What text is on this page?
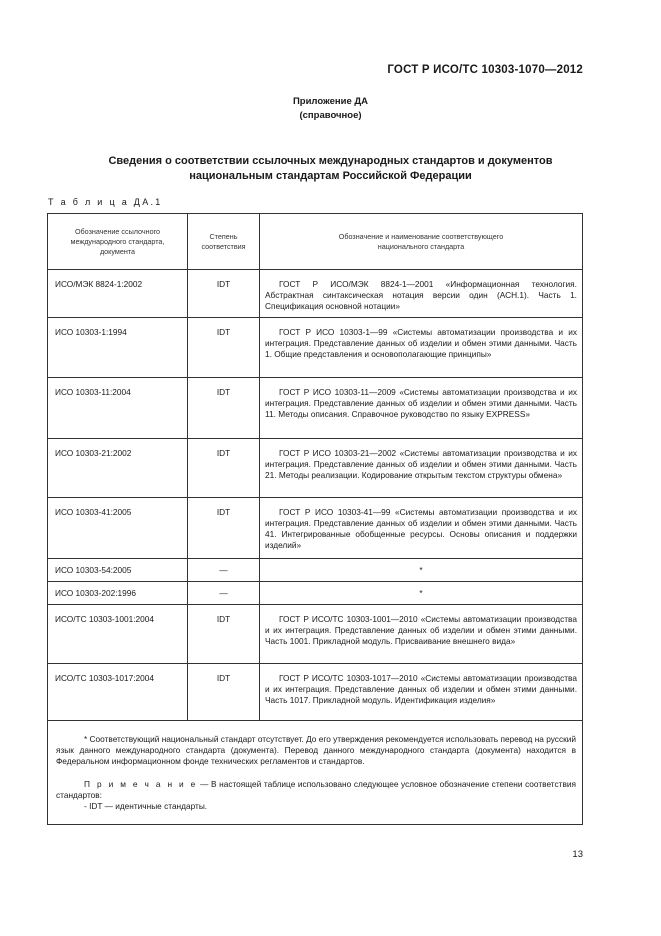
ГОСТ Р ИСО/ТС 10303-1070—2012
Приложение ДА
(справочное)
Сведения о соответствии ссылочных международных стандартов и документов
национальным стандартам Российской Федерации
Т а б л и ц а ДА.1
Обозначение ссылочного международного стандарта, документа	Степень соответствия	Обозначение и наименование соответствующего национального стандарта
ИСО/МЭК 8824-1:2002	IDT	ГОСТ Р ИСО/МЭК 8824-1—2001 «Информационная технология. Абстрактная синтаксическая нотация версии один (АСН.1). Часть 1. Спецификация основной нотации»
ИСО 10303-1:1994	IDT	ГОСТ Р ИСО 10303-1—99 «Системы автоматизации производства и их интеграция. Представление данных об изделии и обмен этими данными. Часть 1. Общие представления и основополагающие принципы»
ИСО 10303-11:2004	IDT	ГОСТ Р ИСО 10303-11—2009 «Системы автоматизации производства и их интеграция. Представление данных об изделии и обмен этими данными. Часть 11. Методы описания. Справочное руководство по языку EXPRESS»
ИСО 10303-21:2002	IDT	ГОСТ Р ИСО 10303-21—2002 «Системы автоматизации производства и их интеграция. Представление данных об изделии и обмен этими данными. Часть 21. Методы реализации. Кодирование открытым текстом структуры обмена»
ИСО 10303-41:2005	IDT	ГОСТ Р ИСО 10303-41—99 «Системы автоматизации производства и их интеграция. Представление данных об изделии и обмен этими данными. Часть 41. Интегрированные обобщенные ресурсы. Основы описания и поддержки изделий»
ИСО 10303-54:2005	—	*
ИСО 10303-202:1996	—	*
ИСО/ТС 10303-1001:2004	IDT	ГОСТ Р ИСО/ТС 10303-1001—2010 «Системы автоматизации производства и их интеграция. Представление данных об изделии и обмен этими данными. Часть 1001. Прикладной модуль. Присваивание внешнего вида»
ИСО/ТС 10303-1017:2004	IDT	ГОСТ Р ИСО/ТС 10303-1017—2010 «Системы автоматизации производства и их интеграция. Представление данных об изделии и обмен этими данными. Часть 1017. Прикладной модуль. Идентификация изделия»

* Соответствующий национальный стандарт отсутствует. До его утверждения рекомендуется использовать перевод на русский язык данного международного стандарта (документа). Перевод данного международного стандарта (документа) находится в Федеральном информационном фонде технических регламентов и стандартов.

П р и м е ч а н и е — В настоящей таблице использовано следующее условное обозначение степени соответствия стандартов:

- IDT — идентичные стандарты.		

13
